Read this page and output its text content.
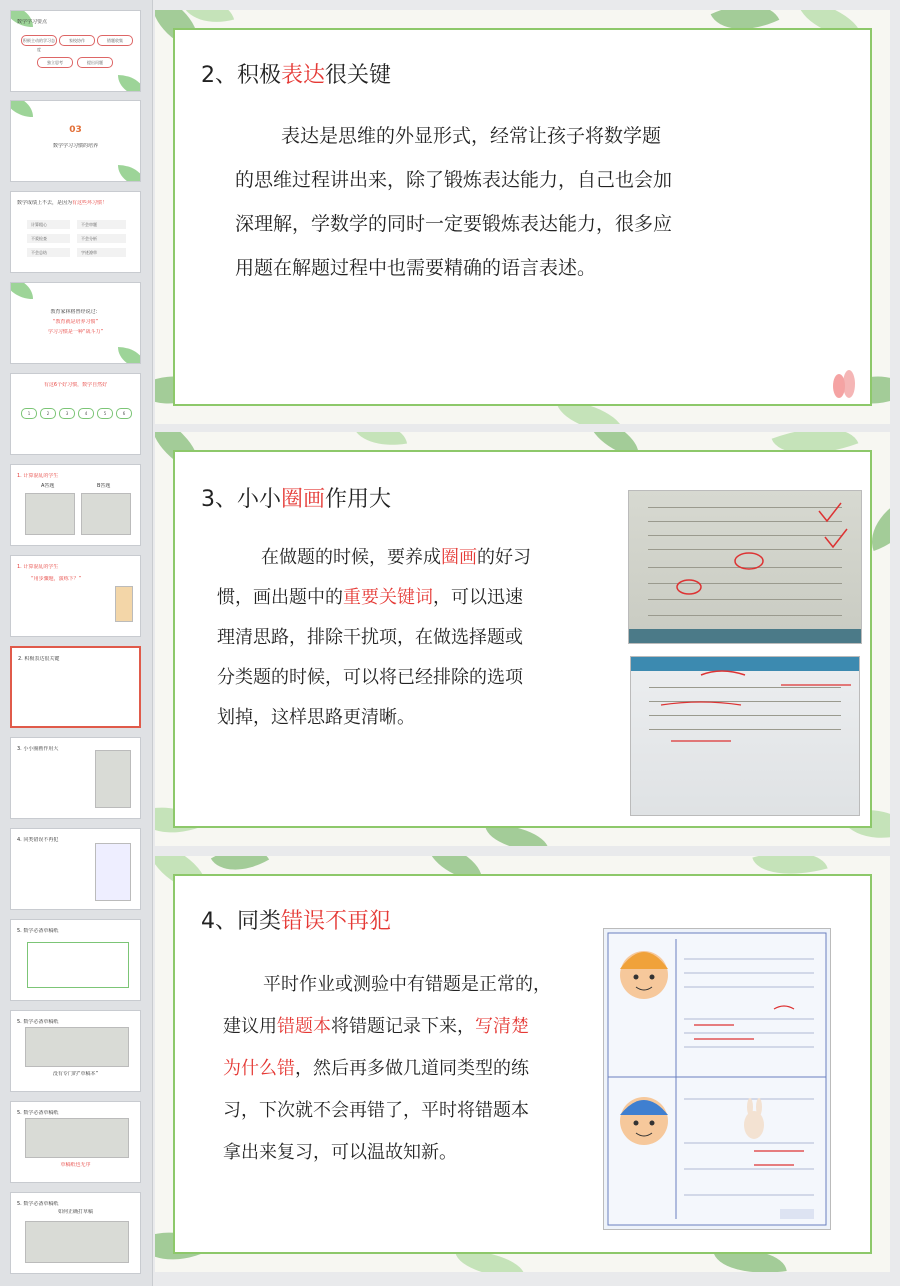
数学学习要点
积极主动的学习态度
家校协作	错题收集
独立思考	提出问题
03
数学学习习惯的培养
数学成绩上不去，是因为有这些坏习惯！
计算粗心	不会审题
不爱检查	不会分析
不会总结	字迹潦草
教育家林格曾经说过：
“教育就是培养习惯”
学习习惯是一种“战斗力”
有这6个好习惯，数学自然好
1	2	3	4	5	6
1. 计算混乱的学生
A答题	B答题
1. 计算混乱的学生
“用步骤题，演练下？”
2. 积极表达很关键
3. 小小圈画作用大
4. 同类错误不再犯
5. 数学必备草稿纸
5. 数学必备草稿纸
没有专门的“草稿本”
5. 数学必备草稿纸
草稿纸也无序
5. 数学必备草稿纸
如何正确打草稿
2、积极表达很关键

表达是思维的外显形式，经常让孩子将数学题

的思维过程讲出来，除了锻炼表达能力，自己也会加

深理解，学数学的同时一定要锻炼表达能力，很多应

用题在解题过程中也需要精确的语言表述。

3、小小圈画作用大

在做题的时候，要养成圈画的好习

惯，画出题中的重要关键词，可以迅速

理清思路，排除干扰项，在做选择题或

分类题的时候，可以将已经排除的选项

划掉，这样思路更清晰。

4、同类错误不再犯

平时作业或测验中有错题是正常的，

建议用错题本将错题记录下来，写清楚

为什么错，然后再多做几道同类型的练

习，下次就不会再错了，平时将错题本

拿出来复习，可以温故知新。
